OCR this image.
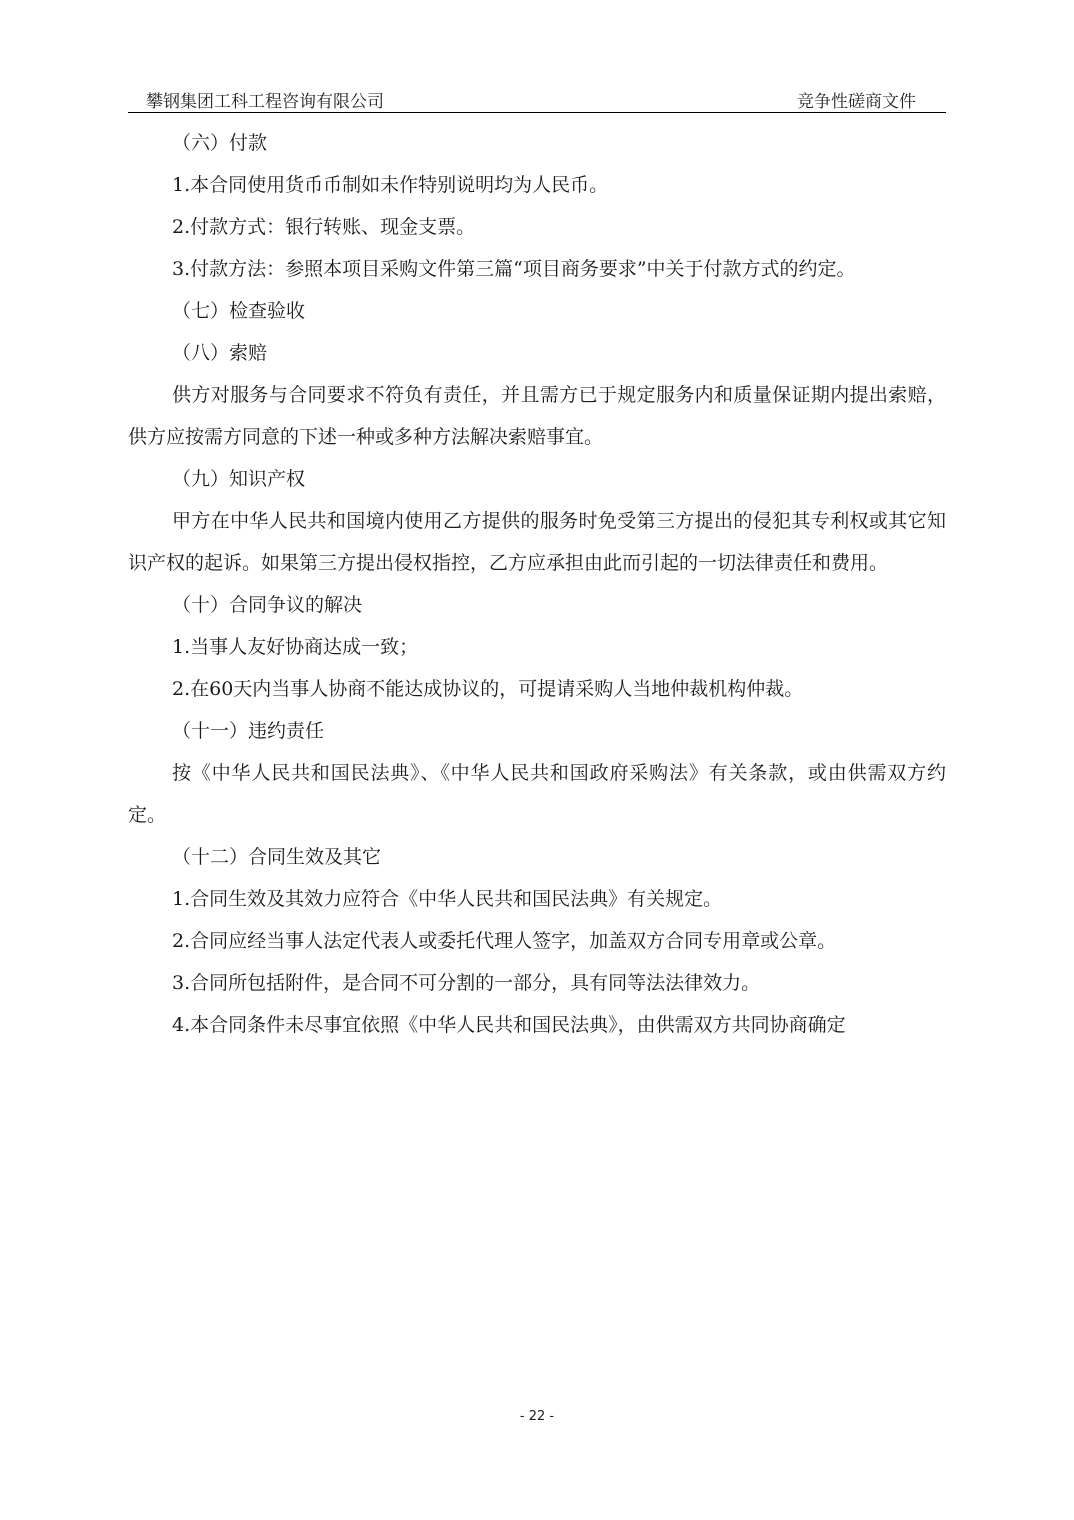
攀钢集团工科工程咨询有限公司	竞争性磋商文件

（六）付款

1.本合同使用货币币制如未作特别说明均为人民币。

2.付款方式：银行转账、现金支票。

3.付款方法：参照本项目采购文件第三篇“项目商务要求”中关于付款方式的约定。

（七）检查验收

（八）索赔

供方对服务与合同要求不符负有责任，并且需方已于规定服务内和质量保证期内提出索赔，供方应按需方同意的下述一种或多种方法解决索赔事宜。

（九）知识产权

甲方在中华人民共和国境内使用乙方提供的服务时免受第三方提出的侵犯其专利权或其它知识产权的起诉。如果第三方提出侵权指控，乙方应承担由此而引起的一切法律责任和费用。

（十）合同争议的解决

1.当事人友好协商达成一致；

2.在60天内当事人协商不能达成协议的，可提请采购人当地仲裁机构仲裁。

（十一）违约责任

按《中华人民共和国民法典》、《中华人民共和国政府采购法》有关条款，或由供需双方约定。

（十二）合同生效及其它

1.合同生效及其效力应符合《中华人民共和国民法典》有关规定。

2.合同应经当事人法定代表人或委托代理人签字，加盖双方合同专用章或公章。

3.合同所包括附件，是合同不可分割的一部分，具有同等法法律效力。

4.本合同条件未尽事宜依照《中华人民共和国民法典》，由供需双方共同协商确定

- 22 -
